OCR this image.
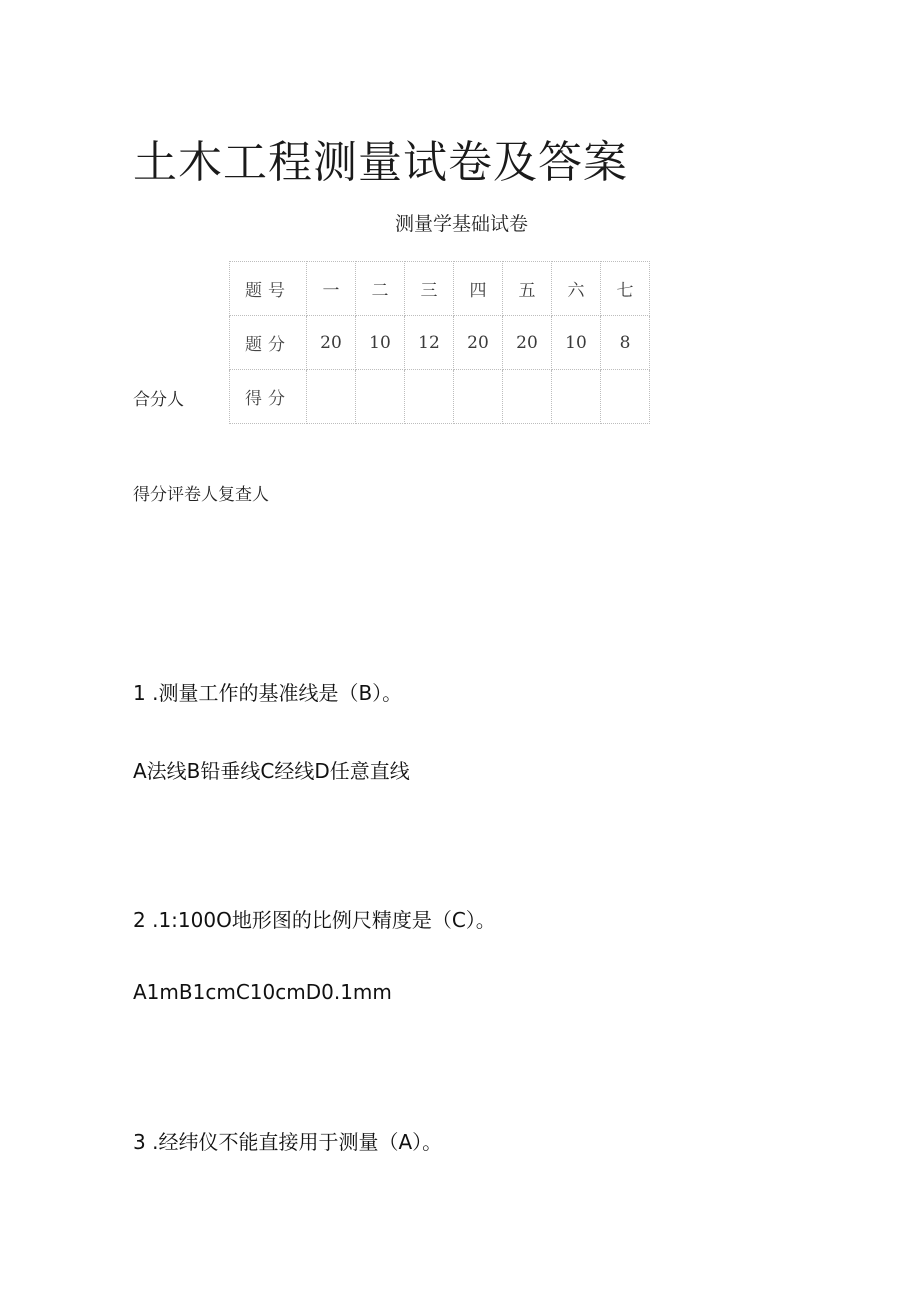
土木工程测量试卷及答案
测量学基础试卷
题号	一	二	三	四	五	六	七
题分	20	10	12	20	20	10	8
得分							
合分人
得分评卷人复查人
1 .测量工作的基准线是（B）。
A法线B铅垂线C经线D任意直线
2 .1:100O地形图的比例尺精度是（C）。
A1mB1cmC10cmD0.1mm
3 .经纬仪不能直接用于测量（A）。
